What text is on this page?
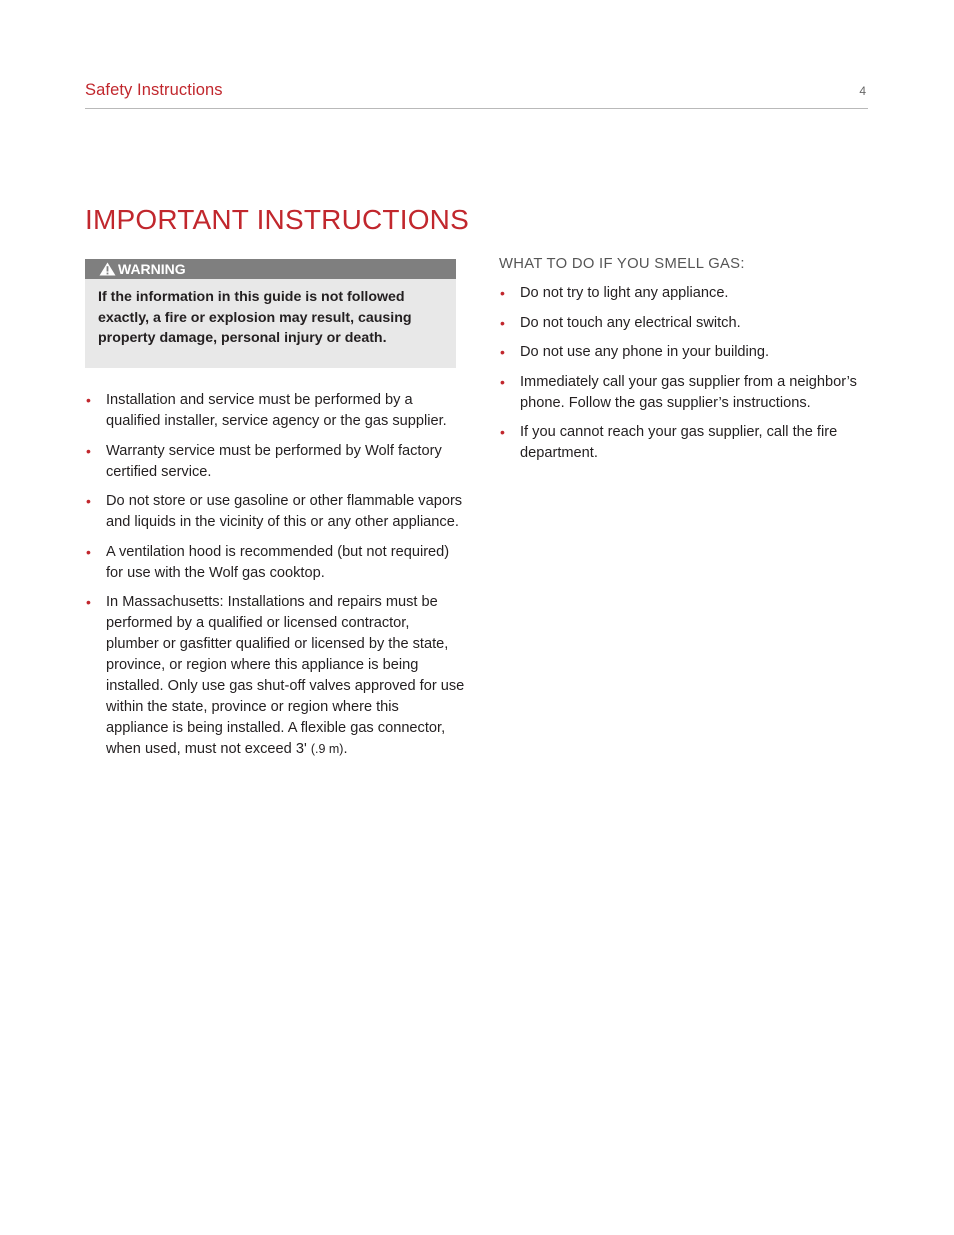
Safety Instructions	4
IMPORTANT INSTRUCTIONS
WARNING
If the information in this guide is not followed exactly, a fire or explosion may result, causing property damage, personal injury or death.
• Installation and service must be performed by a qualified installer, service agency or the gas supplier.
• Warranty service must be performed by Wolf factory certified service.
• Do not store or use gasoline or other flammable vapors and liquids in the vicinity of this or any other appliance.
• A ventilation hood is recommended (but not required) for use with the Wolf gas cooktop.
• In Massachusetts: Installations and repairs must be performed by a qualified or licensed contractor, plumber or gasfitter qualified or licensed by the state, province, or region where this appliance is being installed. Only use gas shut-off valves approved for use within the state, province or region where this appliance is being installed. A flexible gas connector, when used, must not exceed 3' (.9 m).
WHAT TO DO IF YOU SMELL GAS:
• Do not try to light any appliance.
• Do not touch any electrical switch.
• Do not use any phone in your building.
• Immediately call your gas supplier from a neighbor’s phone. Follow the gas supplier’s instructions.
• If you cannot reach your gas supplier, call the fire department.
